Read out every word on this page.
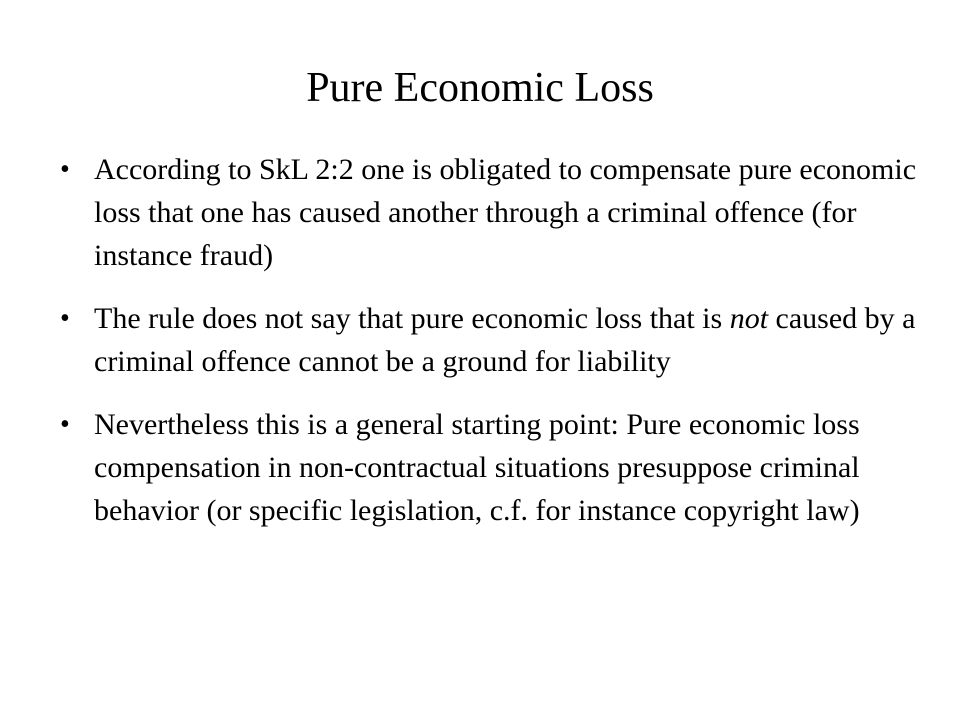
Pure Economic Loss
• According to SkL 2:2 one is obligated to compensate pure economic loss that one has caused another through a criminal offence (for instance fraud)
• The rule does not say that pure economic loss that is not caused by a criminal offence cannot be a ground for liability
• Nevertheless this is a general starting point: Pure economic loss compensation in non-contractual situations presuppose criminal behavior (or specific legislation, c.f. for instance copyright law)
